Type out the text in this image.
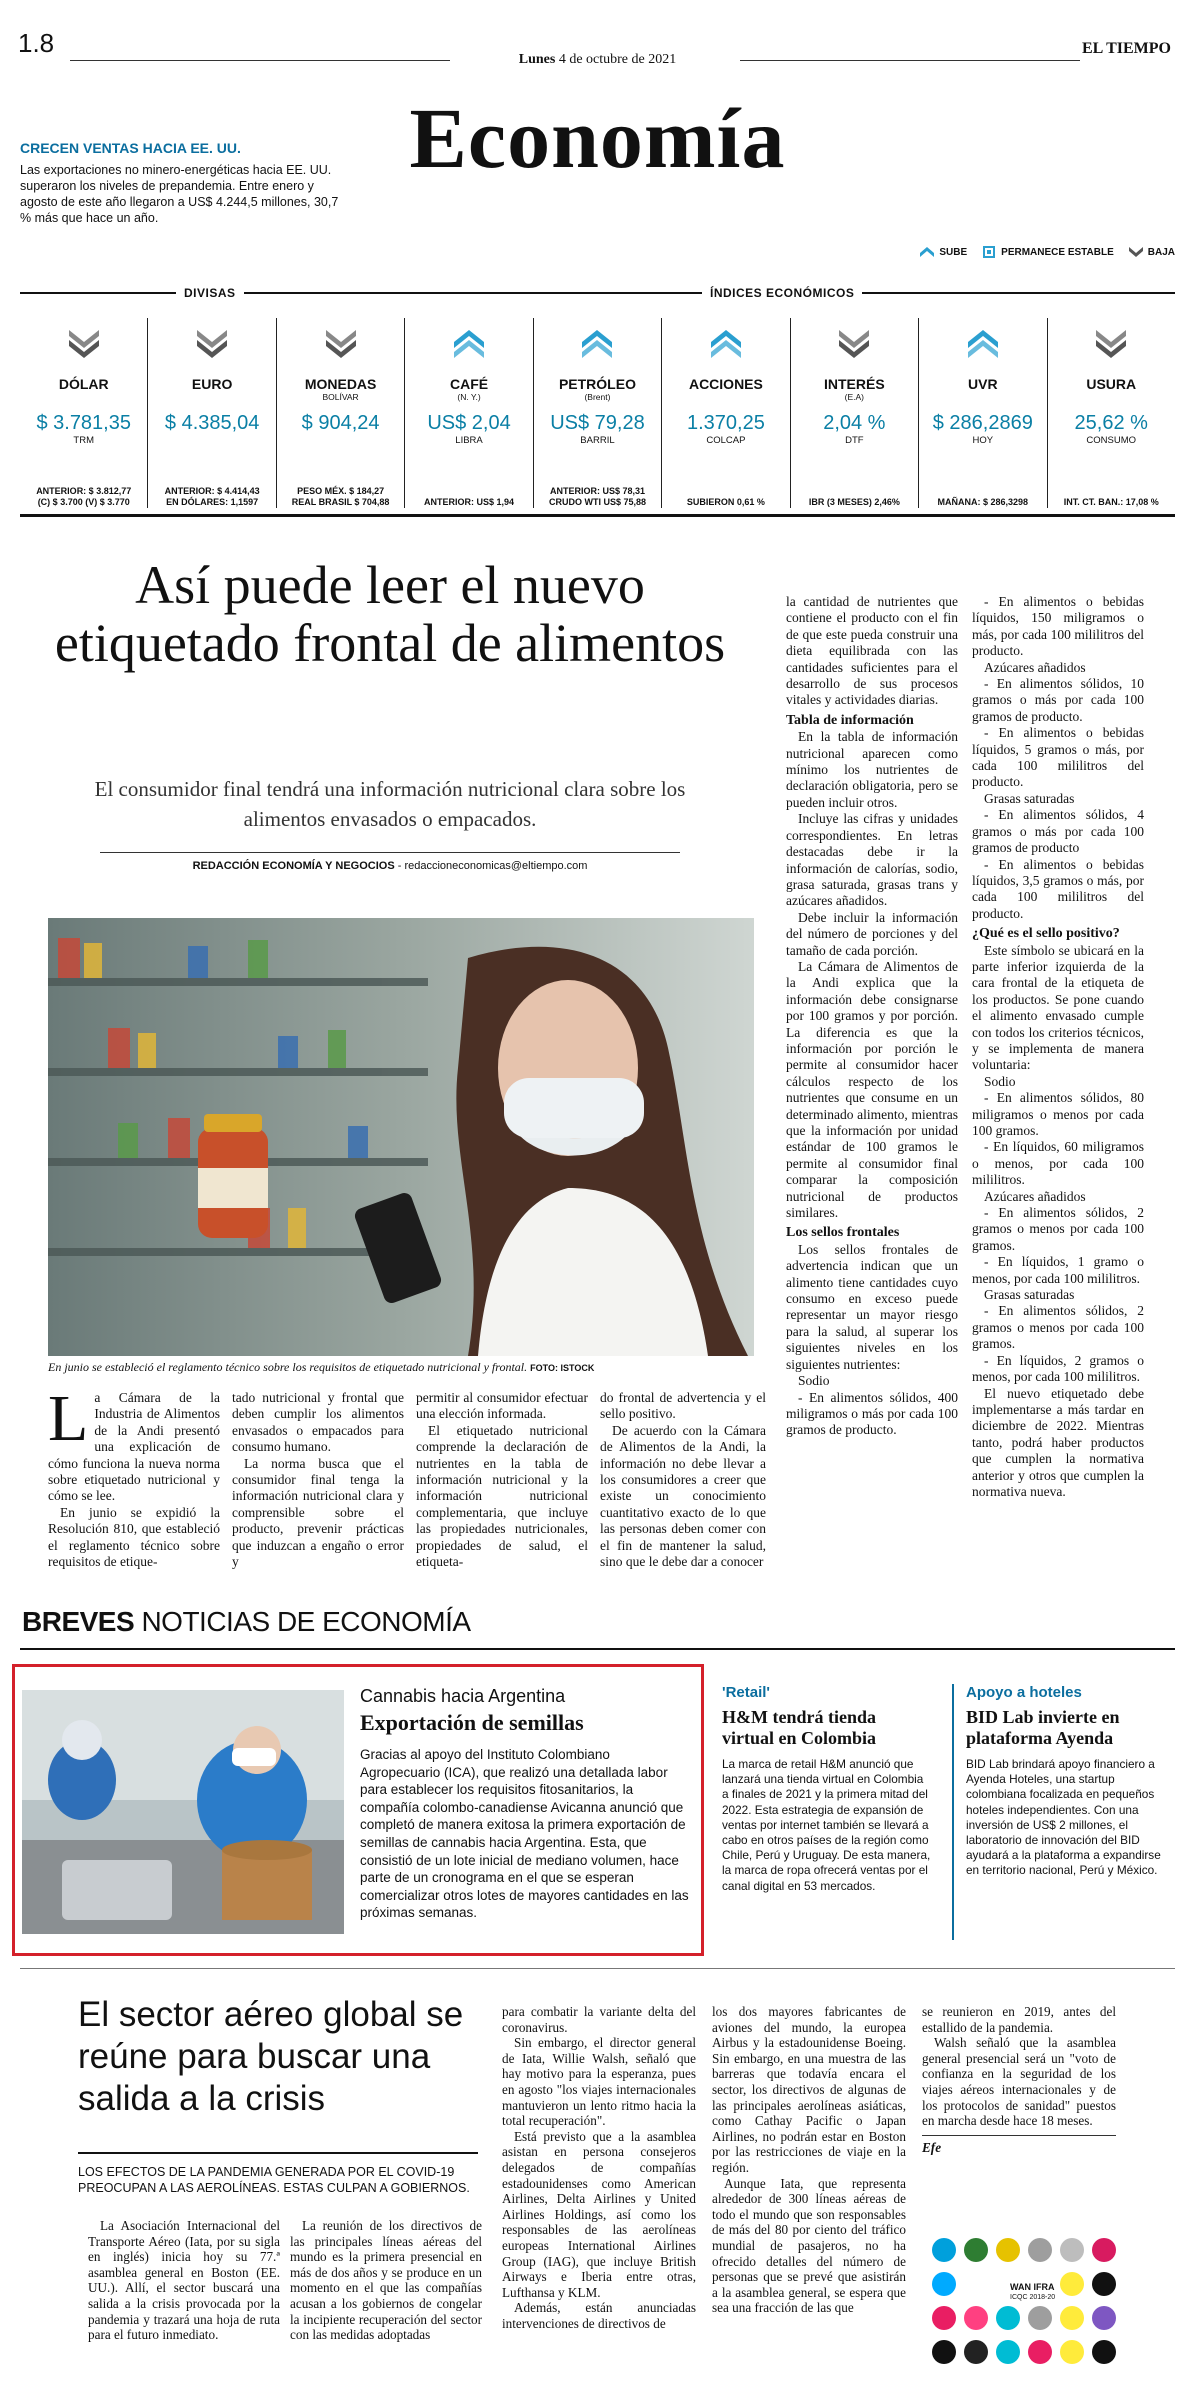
1.8
Lunes 4 de octubre de 2021
EL TIEMPO
Economía
CRECEN VENTAS HACIA EE. UU.

Las exportaciones no minero-energéticas hacia EE. UU. superaron los niveles de prepandemia. Entre enero y agosto de este año llegaron a US$ 4.244,5 millones, 30,7 % más que hace un año.

SUBE	PERMANECE ESTABLE	BAJA
DIVISAS	ÍNDICES ECONÓMICOS
DÓLAR
$ 3.781,35
TRM
ANTERIOR: $ 3.812,77
(C) $ 3.700 (V) $ 3.770
EURO
$ 4.385,04
ANTERIOR: $ 4.414,43
EN DÓLARES: 1,1597
MONEDAS
BOLÍVAR
$ 904,24
PESO MÉX. $ 184,27
REAL BRASIL $ 704,88
CAFÉ
(N. Y.)
US$ 2,04
LIBRA
ANTERIOR: US$ 1,94
PETRÓLEO
(Brent)
US$ 79,28
BARRIL
ANTERIOR: US$ 78,31
CRUDO WTI US$ 75,88
ACCIONES
1.370,25
COLCAP
SUBIERON 0,61 %
INTERÉS
(E.A)
2,04 %
DTF
IBR (3 MESES) 2,46%
UVR
$ 286,2869
HOY
MAÑANA: $ 286,3298
USURA
25,62 %
CONSUMO
INT. CT. BAN.: 17,08 %
Así puede leer el nuevo etiquetado frontal de alimentos
El consumidor final tendrá una información nutricional clara sobre los alimentos envasados o empacados.
REDACCIÓN ECONOMÍA Y NEGOCIOS - redaccioneconomicas@eltiempo.com
En junio se estableció el reglamento técnico sobre los requisitos de etiquetado nutricional y frontal. FOTO: ISTOCK
L a Cámara de la Industria de Alimentos de la Andi presentó una explicación de cómo funciona la nueva norma sobre etiquetado nutricional y cómo se lee.

En junio se expidió la Resolución 810, que estableció el reglamento técnico sobre requisitos de etique-

tado nutricional y frontal que deben cumplir los alimentos envasados o empacados para consumo humano.

La norma busca que el consumidor final tenga la información nutricional clara y comprensible sobre el producto, prevenir prácticas que induzcan a engaño o error y

permitir al consumidor efectuar una elección informada.

El etiquetado nutricional comprende la declaración de nutrientes en la tabla de información nutricional y la información nutricional complementaria, que incluye las propiedades nutricionales, propiedades de salud, el etiqueta-

do frontal de advertencia y el sello positivo.

De acuerdo con la Cámara de Alimentos de la Andi, la información no debe llevar a los consumidores a creer que existe un conocimiento cuantitativo exacto de lo que las personas deben comer con el fin de mantener la salud, sino que le debe dar a conocer

la cantidad de nutrientes que contiene el producto con el fin de que este pueda construir una dieta equilibrada con las cantidades suficientes para el desarrollo de sus procesos vitales y actividades diarias.
Tabla de información

En la tabla de información nutricional aparecen como mínimo los nutrientes de declaración obligatoria, pero se pueden incluir otros.

Incluye las cifras y unidades correspondientes. En letras destacadas debe ir la información de calorías, sodio, grasa saturada, grasas trans y azúcares añadidos.

Debe incluir la información del número de porciones y del tamaño de cada porción.

La Cámara de Alimentos de la Andi explica que la información debe consignarse por 100 gramos y por porción. La diferencia es que la información por porción le permite al consumidor hacer cálculos respecto de los nutrientes que consume en un determinado alimento, mientras que la información por unidad estándar de 100 gramos le permite al consumidor final comparar la composición nutricional de productos similares.

Los sellos frontales

Los sellos frontales de advertencia indican que un alimento tiene cantidades cuyo consumo en exceso puede representar un mayor riesgo para la salud, al superar los siguientes niveles en los siguientes nutrientes:

Sodio

- En alimentos sólidos, 400 miligramos o más por cada 100 gramos de producto.

- En alimentos o bebidas líquidos, 150 miligramos o más, por cada 100 mililitros del producto.

Azúcares añadidos

- En alimentos sólidos, 10 gramos o más por cada 100 gramos de producto.

- En alimentos o bebidas líquidos, 5 gramos o más, por cada 100 mililitros del producto.

Grasas saturadas

- En alimentos sólidos, 4 gramos o más por cada 100 gramos de producto

- En alimentos o bebidas líquidos, 3,5 gramos o más, por cada 100 mililitros del producto.

¿Qué es el sello positivo?

Este símbolo se ubicará en la parte inferior izquierda de la cara frontal de la etiqueta de los productos. Se pone cuando el alimento envasado cumple con todos los criterios técnicos, y se implementa de manera voluntaria:

Sodio

- En alimentos sólidos, 80 miligramos o menos por cada 100 gramos.

- En líquidos, 60 miligramos o menos, por cada 100 mililitros.

Azúcares añadidos

- En alimentos sólidos, 2 gramos o menos por cada 100 gramos.

- En líquidos, 1 gramo o menos, por cada 100 mililitros.

Grasas saturadas

- En alimentos sólidos, 2 gramos o menos por cada 100 gramos.

- En líquidos, 2 gramos o menos, por cada 100 mililitros.

El nuevo etiquetado debe implementarse a más tardar en diciembre de 2022. Mientras tanto, podrá haber productos que cumplen la normativa anterior y otros que cumplen la normativa nueva.

BREVES NOTICIAS DE ECONOMÍA
Cannabis hacia Argentina
Exportación de semillas
Gracias al apoyo del Instituto Colombiano Agropecuario (ICA), que realizó una detallada labor para establecer los requisitos fitosanitarios, la compañía colombo-canadiense Avicanna anunció que completó de manera exitosa la primera exportación de semillas de cannabis hacia Argentina. Esta, que consistió de un lote inicial de mediano volumen, hace parte de un cronograma en el que se esperan comercializar otros lotes de mayores cantidades en las próximas semanas.
'Retail'
H&M tendrá tienda virtual en Colombia
La marca de retail H&M anunció que lanzará una tienda virtual en Colombia a finales de 2021 y la primera mitad del 2022. Esta estrategia de expansión de ventas por internet también se llevará a cabo en otros países de la región como Chile, Perú y Uruguay. De esta manera, la marca de ropa ofrecerá ventas por el canal digital en 53 mercados.
Apoyo a hoteles
BID Lab invierte en plataforma Ayenda
BID Lab brindará apoyo financiero a Ayenda Hoteles, una startup colombiana focalizada en pequeños hoteles independientes. Con una inversión de US$ 2 millones, el laboratorio de innovación del BID ayudará a la plataforma a expandirse en territorio nacional, Perú y México.
El sector aéreo global se reúne para buscar una salida a la crisis
LOS EFECTOS DE LA PANDEMIA GENERADA POR EL COVID-19 PREOCUPAN A LAS AEROLÍNEAS. ESTAS CULPAN A GOBIERNOS.

La Asociación Internacional del Transporte Aéreo (Iata, por su sigla en inglés) inicia hoy su 77.ª asamblea general en Boston (EE. UU.). Allí, el sector buscará una salida a la crisis provocada por la pandemia y trazará una hoja de ruta para el futuro inmediato.

La reunión de los directivos de las principales líneas aéreas del mundo es la primera presencial en más de dos años y se produce en un momento en el que las compañías acusan a los gobiernos de congelar la incipiente recuperación del sector con las medidas adoptadas

para combatir la variante delta del coronavirus.

Sin embargo, el director general de Iata, Willie Walsh, señaló que hay motivo para la esperanza, pues en agosto "los viajes internacionales mantuvieron un lento ritmo hacia la total recuperación".

Está previsto que a la asamblea asistan en persona consejeros delegados de compañías estadounidenses como American Airlines, Delta Airlines y United Airlines Holdings, así como los responsables de las aerolíneas europeas International Airlines Group (IAG), que incluye British Airways e Iberia entre otras, Lufthansa y KLM.

Además, están anunciadas intervenciones de directivos de

los dos mayores fabricantes de aviones del mundo, la europea Airbus y la estadounidense Boeing. Sin embargo, en una muestra de las barreras que todavía encara el sector, los directivos de algunas de las principales aerolíneas asiáticas, como Cathay Pacific o Japan Airlines, no podrán estar en Boston por las restricciones de viaje en la región.

Aunque Iata, que representa alrededor de 300 líneas aéreas de todo el mundo que son responsables de más del 80 por ciento del tráfico mundial de pasajeros, no ha ofrecido detalles del número de personas que se prevé que asistirán a la asamblea general, se espera que sea una fracción de las que

se reunieron en 2019, antes del estallido de la pandemia.

Walsh señaló que la asamblea general presencial será un "voto de confianza en la seguridad de los viajes aéreos internacionales y de los protocolos de sanidad" puestos en marcha desde hace 18 meses.

Efe
WAN IFRA
ICQC 2018-20
